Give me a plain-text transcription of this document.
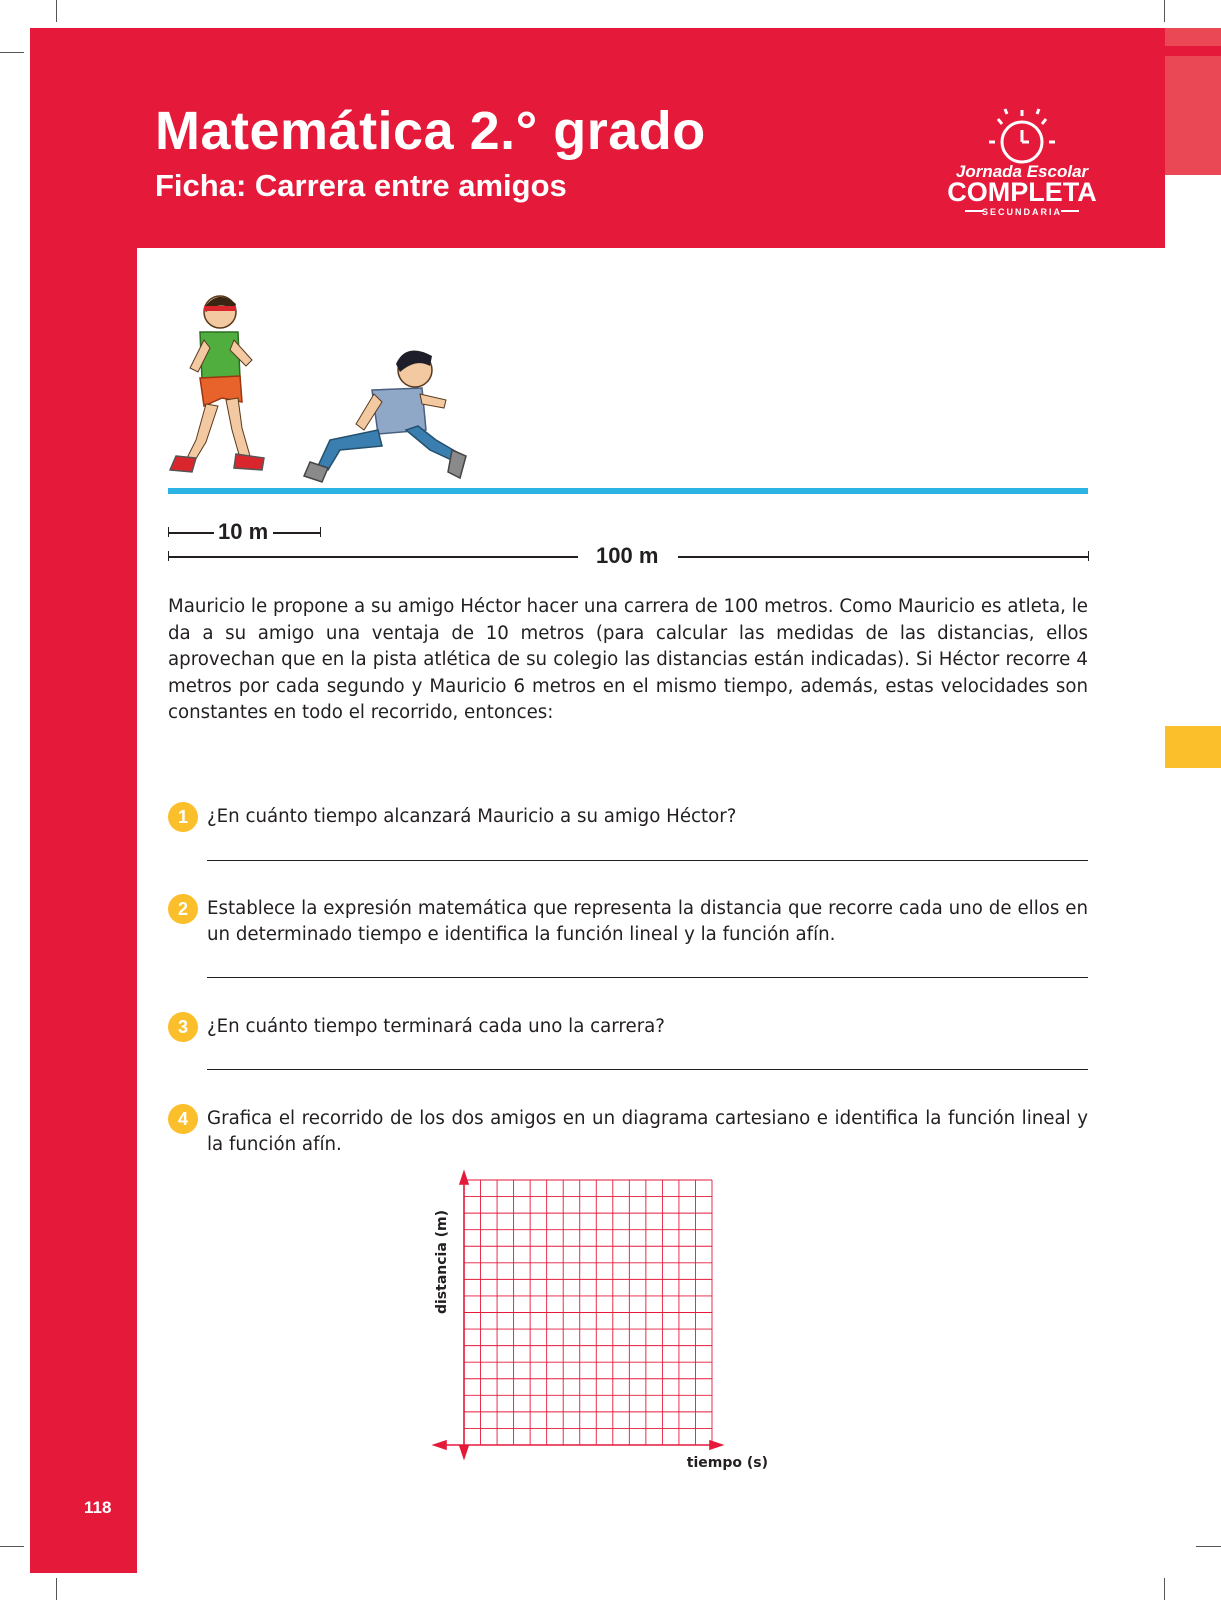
Matemática 2.° grado
Ficha: Carrera entre amigos	Jornada Escolar
COMPLETA
SECUNDARIA
10 m
100 m
Mauricio le propone a su amigo Héctor hacer una carrera de 100 metros. Como Mauricio es atleta, le da a su amigo una ventaja de 10 metros (para calcular las medidas de las distancias, ellos aprovechan que en la pista atlética de su colegio las distancias están indicadas). Si Héctor recorre 4 metros por cada segundo y Mauricio 6 metros en el mismo tiempo, además, estas velocidades son constantes en todo el recorrido, entonces:
1	¿En cuánto tiempo alcanzará Mauricio a su amigo Héctor?
2	Establece la expresión matemática que representa la distancia que recorre cada uno de ellos en un determinado tiempo e identifica la función lineal y la función afín.
3	¿En cuánto tiempo terminará cada uno la carrera?
4	Grafica el recorrido de los dos amigos en un diagrama cartesiano e identifica la función lineal y la función afín.
distancia (m)
tiempo (s)
118
